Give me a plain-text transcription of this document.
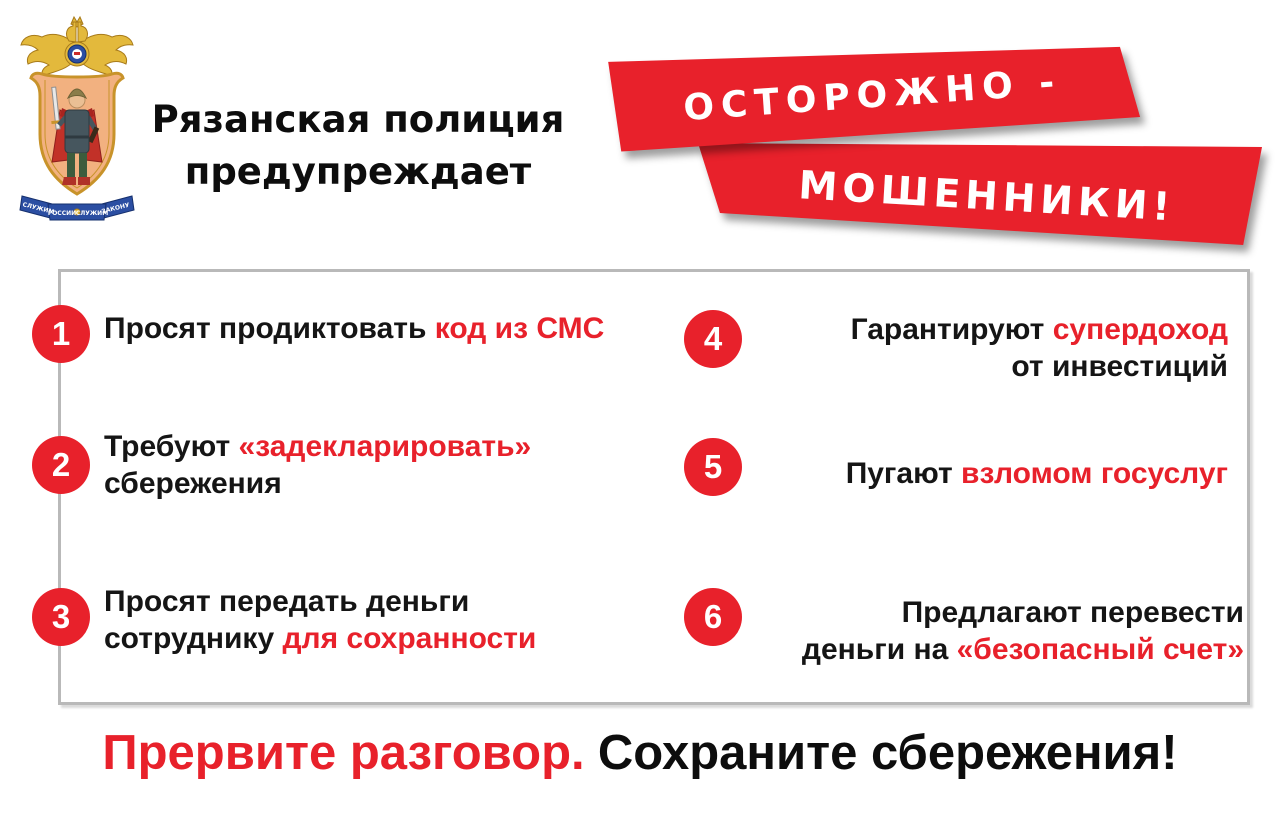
СЛУЖИМ
РОССИИ СЛУЖИМ
ЗАКОНУ
Рязанская полиция
предупреждает
ОСТОРОЖНО -
МОШЕННИКИ!
1	Просят продиктовать код из СМС
2	Требуют «задекларировать»
сбережения
3	Просят передать деньги
сотруднику для сохранности
4	Гарантируют супердоход
от инвестиций
5	Пугают взломом госуслуг
6	Предлагают перевести
деньги на «безопасный счет»
Прервите разговор. Сохраните сбережения!
